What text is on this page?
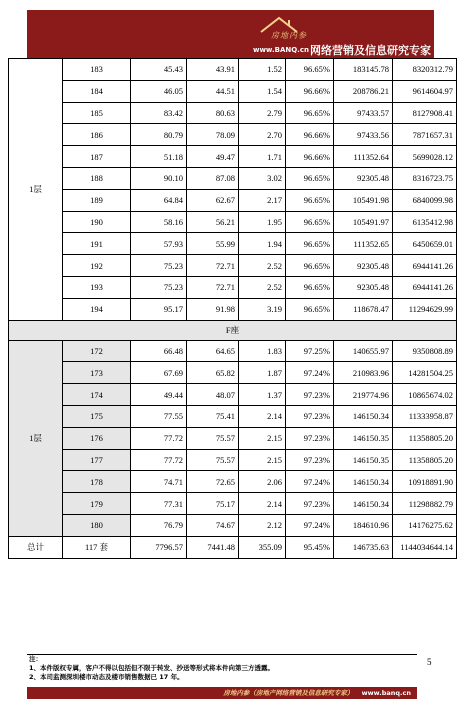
房地内参
www.BANQ.cn 网络营销及信息研究专家
1层	183	45.43	43.91	1.52	96.65%	183145.78	8320312.79
	184	46.05	44.51	1.54	96.66%	208786.21	9614604.97
	185	83.42	80.63	2.79	96.65%	97433.57	8127908.41
	186	80.79	78.09	2.70	96.66%	97433.56	7871657.31
	187	51.18	49.47	1.71	96.66%	111352.64	5699028.12
	188	90.10	87.08	3.02	96.65%	92305.48	8316723.75
	189	64.84	62.67	2.17	96.65%	105491.98	6840099.98
	190	58.16	56.21	1.95	96.65%	105491.97	6135412.98
	191	57.93	55.99	1.94	96.65%	111352.65	6450659.01
	192	75.23	72.71	2.52	96.65%	92305.48	6944141.26
	193	75.23	72.71	2.52	96.65%	92305.48	6944141.26
	194	95.17	91.98	3.19	96.65%	118678.47	11294629.99
F座							
1层	172	66.48	64.65	1.83	97.25%	140655.97	9350808.89
	173	67.69	65.82	1.87	97.24%	210983.96	14281504.25
	174	49.44	48.07	1.37	97.23%	219774.96	10865674.02
	175	77.55	75.41	2.14	97.23%	146150.34	11333958.87
	176	77.72	75.57	2.15	97.23%	146150.35	11358805.20
	177	77.72	75.57	2.15	97.23%	146150.35	11358805.20
	178	74.71	72.65	2.06	97.24%	146150.34	10918891.90
	179	77.31	75.17	2.14	97.23%	146150.34	11298882.79
	180	76.79	74.67	2.12	97.24%	184610.96	14176275.62
总计	117 套	7796.57	7441.48	355.09	95.45%	146735.63	1144034644.14
注：
1、本件版权专属，客户不得以包括但不限于转发、抄送等形式将本件向第三方透露。
2、本司监测深圳楼市动态及楼市销售数据已 17 年。
5
房地内参（房地产网络营销及信息研究专家） www.banq.cn
